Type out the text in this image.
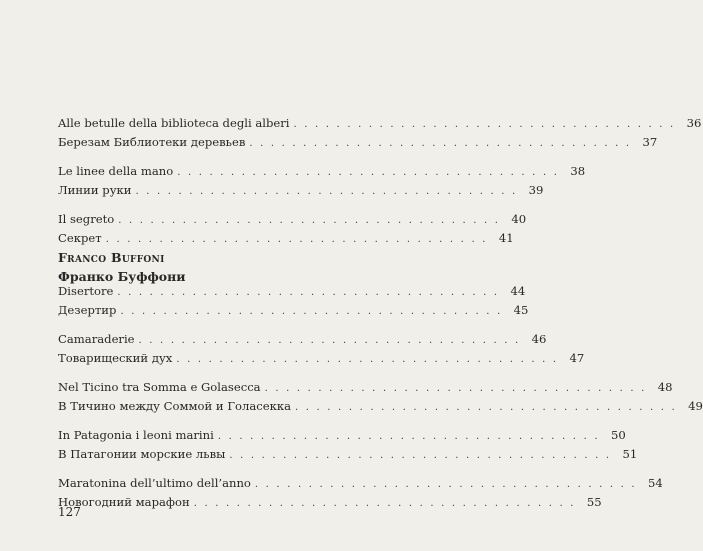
Alle betulle della biblioteca degli alberi . . . . . . . . . . . . . . . . . . . . . . . . . . . . . . . . . . . . 36
Березам Библиотеки деревьев . . . . . . . . . . . . . . . . . . . . . . . . . . . . . . . . . . . . 37
Le linee della mano . . . . . . . . . . . . . . . . . . . . . . . . . . . . . . . . . . . . 38
Линии руки . . . . . . . . . . . . . . . . . . . . . . . . . . . . . . . . . . . . 39
Il segreto . . . . . . . . . . . . . . . . . . . . . . . . . . . . . . . . . . . . 40
Секрет . . . . . . . . . . . . . . . . . . . . . . . . . . . . . . . . . . . . 41
Franco Buffoni
Франко Буффони
Disertore . . . . . . . . . . . . . . . . . . . . . . . . . . . . . . . . . . . . 44
Дезертир . . . . . . . . . . . . . . . . . . . . . . . . . . . . . . . . . . . . 45
Camaraderie . . . . . . . . . . . . . . . . . . . . . . . . . . . . . . . . . . . . 46
Товарищеский дух . . . . . . . . . . . . . . . . . . . . . . . . . . . . . . . . . . . . 47
Nel Ticino tra Somma e Golasecca . . . . . . . . . . . . . . . . . . . . . . . . . . . . . . . . . . . . 48
В Тичино между Соммой и Голасекка . . . . . . . . . . . . . . . . . . . . . . . . . . . . . . . . . . . . 49
In Patagonia i leoni marini . . . . . . . . . . . . . . . . . . . . . . . . . . . . . . . . . . . . 50
В Патагонии морские львы . . . . . . . . . . . . . . . . . . . . . . . . . . . . . . . . . . . . 51
Maratonina dell’ultimo dell’anno . . . . . . . . . . . . . . . . . . . . . . . . . . . . . . . . . . . . 54
Новогодний марафон . . . . . . . . . . . . . . . . . . . . . . . . . . . . . . . . . . . . 55
127
